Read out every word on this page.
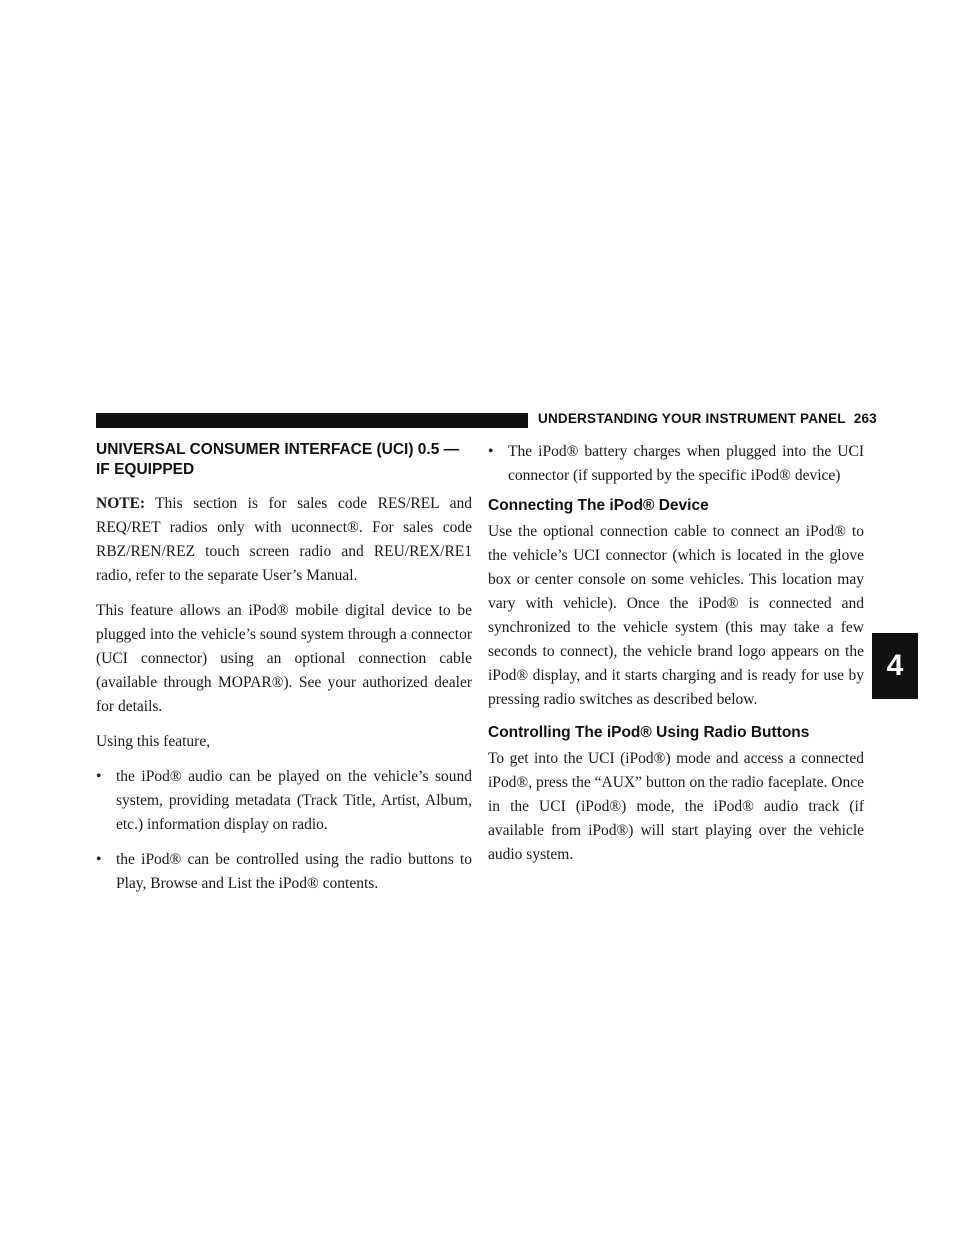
UNDERSTANDING YOUR INSTRUMENT PANEL 263
4
UNIVERSAL CONSUMER INTERFACE (UCI) 0.5 — IF EQUIPPED

NOTE: This section is for sales code RES/REL and REQ/RET radios only with uconnect®. For sales code RBZ/REN/REZ touch screen radio and REU/REX/RE1 radio, refer to the separate User’s Manual.

This feature allows an iPod® mobile digital device to be plugged into the vehicle’s sound system through a connector (UCI connector) using an optional connection cable (available through MOPAR®). See your authorized dealer for details.

Using this feature,

• the iPod® audio can be played on the vehicle’s sound system, providing metadata (Track Title, Artist, Album, etc.) information display on radio.
• the iPod® can be controlled using the radio buttons to Play, Browse and List the iPod® contents.
• The iPod® battery charges when plugged into the UCI connector (if supported by the specific iPod® device)
Connecting The iPod® Device

Use the optional connection cable to connect an iPod® to the vehicle’s UCI connector (which is located in the glove box or center console on some vehicles. This location may vary with vehicle). Once the iPod® is connected and synchronized to the vehicle system (this may take a few seconds to connect), the vehicle brand logo appears on the iPod® display, and it starts charging and is ready for use by pressing radio switches as described below.

Controlling The iPod® Using Radio Buttons

To get into the UCI (iPod®) mode and access a connected iPod®, press the “AUX” button on the radio faceplate. Once in the UCI (iPod®) mode, the iPod® audio track (if available from iPod®) will start playing over the vehicle audio system.
